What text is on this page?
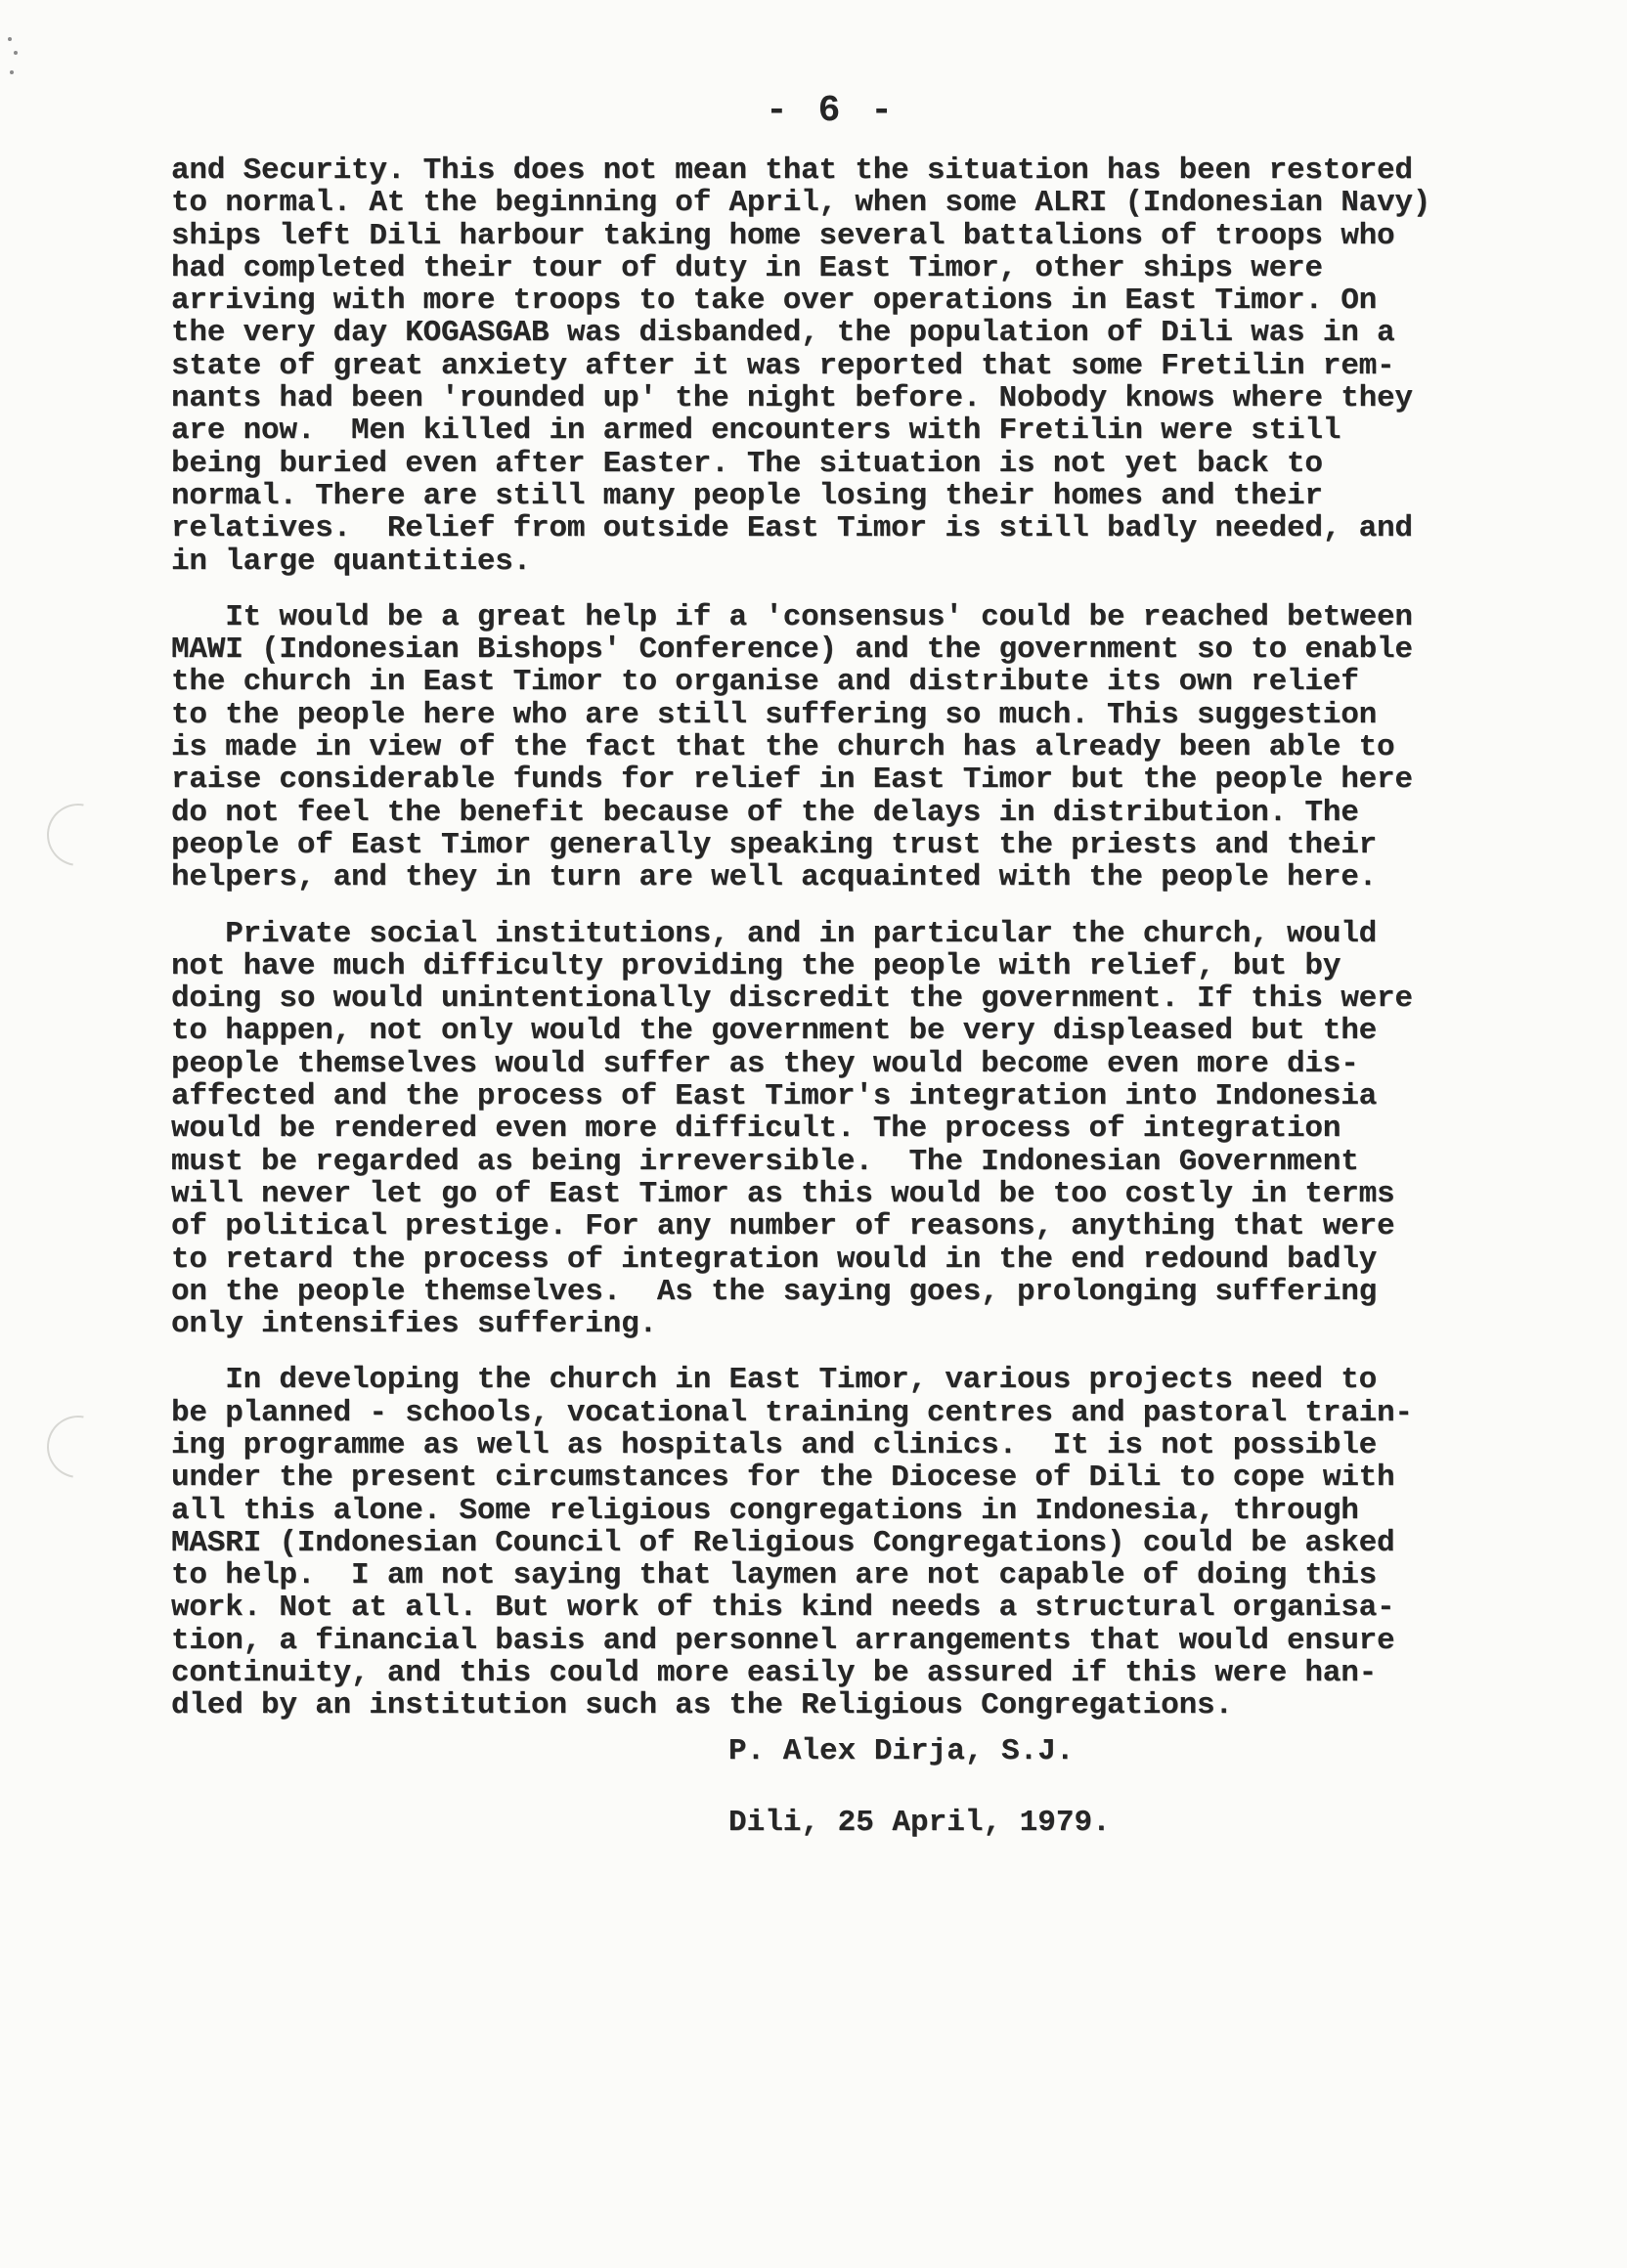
- 6 -
and Security. This does not mean that the situation has been restored
to normal. At the beginning of April, when some ALRI (Indonesian Navy)
ships left Dili harbour taking home several battalions of troops who
had completed their tour of duty in East Timor, other ships were
arriving with more troops to take over operations in East Timor. On
the very day KOGASGAB was disbanded, the population of Dili was in a
state of great anxiety after it was reported that some Fretilin rem-
nants had been 'rounded up' the night before. Nobody knows where they
are now.  Men killed in armed encounters with Fretilin were still
being buried even after Easter. The situation is not yet back to
normal. There are still many people losing their homes and their
relatives.  Relief from outside East Timor is still badly needed, and
in large quantities.
It would be a great help if a 'consensus' could be reached between
MAWI (Indonesian Bishops' Conference) and the government so to enable
the church in East Timor to organise and distribute its own relief
to the people here who are still suffering so much. This suggestion
is made in view of the fact that the church has already been able to
raise considerable funds for relief in East Timor but the people here
do not feel the benefit because of the delays in distribution. The
people of East Timor generally speaking trust the priests and their
helpers, and they in turn are well acquainted with the people here.
Private social institutions, and in particular the church, would
not have much difficulty providing the people with relief, but by
doing so would unintentionally discredit the government. If this were
to happen, not only would the government be very displeased but the
people themselves would suffer as they would become even more dis-
affected and the process of East Timor's integration into Indonesia
would be rendered even more difficult. The process of integration
must be regarded as being irreversible.  The Indonesian Government
will never let go of East Timor as this would be too costly in terms
of political prestige. For any number of reasons, anything that were
to retard the process of integration would in the end redound badly
on the people themselves.  As the saying goes, prolonging suffering
only intensifies suffering.
In developing the church in East Timor, various projects need to
be planned - schools, vocational training centres and pastoral train-
ing programme as well as hospitals and clinics.  It is not possible
under the present circumstances for the Diocese of Dili to cope with
all this alone. Some religious congregations in Indonesia, through
MASRI (Indonesian Council of Religious Congregations) could be asked
to help.  I am not saying that laymen are not capable of doing this
work. Not at all. But work of this kind needs a structural organisa-
tion, a financial basis and personnel arrangements that would ensure
continuity, and this could more easily be assured if this were han-
dled by an institution such as the Religious Congregations.
P. Alex Dirja, S.J.
Dili, 25 April, 1979.
